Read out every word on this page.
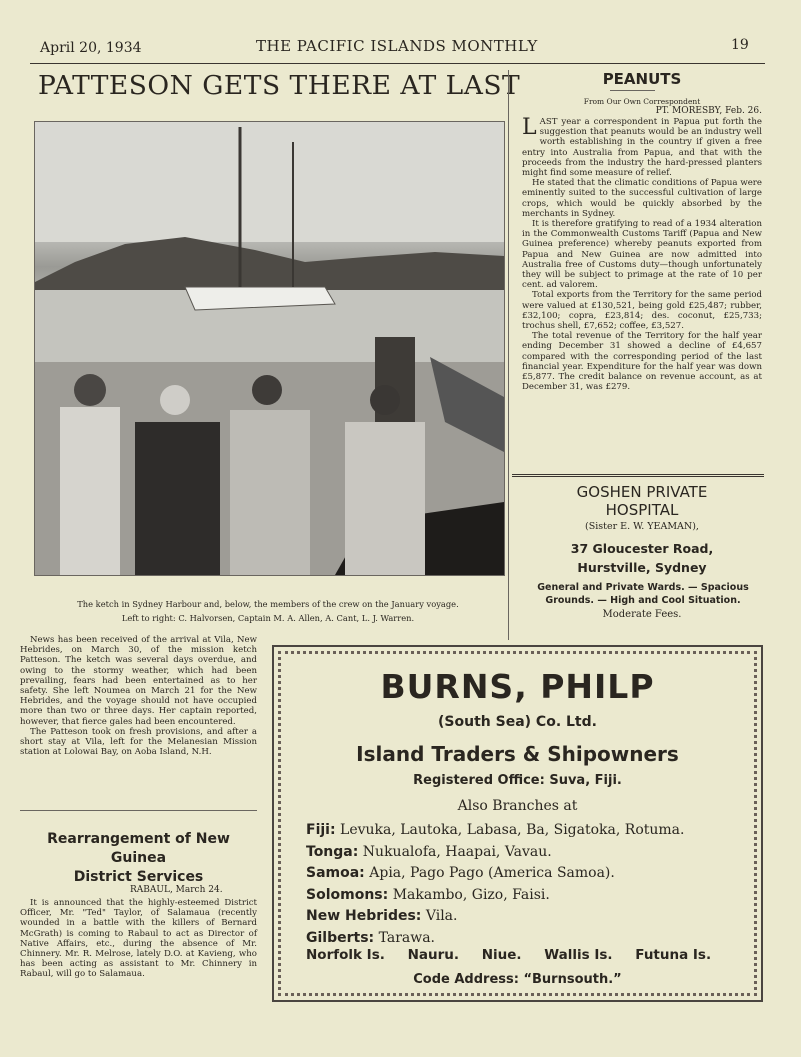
April 20, 1934	THE PACIFIC ISLANDS MONTHLY	19
PATTESON GETS THERE AT LAST
The ketch in Sydney Harbour and, below, the members of the crew on the January voyage.
Left to right: C. Halvorsen, Captain M. A. Allen, A. Cant, L. J. Warren.

News has been received of the arrival at Vila, New Hebrides, on March 30, of the mission ketch Patteson. The ketch was several days overdue, and owing to the stormy weather, which had been prevailing, fears had been entertained as to her safety. She left Noumea on March 21 for the New Hebrides, and the voyage should not have occupied more than two or three days. Her captain reported, however, that fierce gales had been encountered.

The Patteson took on fresh provisions, and after a short stay at Vila, left for the Melanesian Mission station at Lolowai Bay, on Aoba Island, N.H.

Rearrangement of New Guinea
District Services
RABAUL, March 24.

It is announced that the highly-esteemed District Officer, Mr. "Ted" Taylor, of Salamaua (recently wounded in a battle with the killers of Bernard McGrath) is coming to Rabaul to act as Director of Native Affairs, etc., during the absence of Mr. Chinnery. Mr. R. Melrose, lately D.O. at Kavieng, who has been acting as assistant to Mr. Chinnery in Rabaul, will go to Salamaua.

PEANUTS
From Our Own Correspondent
PT. MORESBY, Feb. 26.
L AST year a correspondent in Papua put forth the suggestion that peanuts would be an industry well worth establishing in the country if given a free entry into Australia from Papua, and that with the proceeds from the industry the hard-pressed planters might find some measure of relief.

He stated that the climatic conditions of Papua were eminently suited to the successful cultivation of large crops, which would be quickly absorbed by the merchants in Sydney.

It is therefore gratifying to read of a 1934 alteration in the Commonwealth Customs Tariff (Papua and New Guinea preference) whereby peanuts exported from Papua and New Guinea are now admitted into Australia free of Customs duty—though unfortunately they will be subject to primage at the rate of 10 per cent. ad valorem.

Total exports from the Territory for the same period were valued at £130,521, being gold £25,487; rubber, £32,100; copra, £23,814; des. coconut, £25,733; trochus shell, £7,652; coffee, £3,527.

The total revenue of the Territory for the half year ending December 31 showed a decline of £4,657 compared with the corresponding period of the last financial year. Expenditure for the half year was down £5,877. The credit balance on revenue account, as at December 31, was £279.

GOSHEN PRIVATE
HOSPITAL
(Sister E. W. YEAMAN),
37 Gloucester Road,
Hurstville, Sydney
General and Private Wards. — Spacious
Grounds. — High and Cool Situation.
Moderate Fees.
BURNS, PHILP
(South Sea) Co. Ltd.
Island Traders & Shipowners
Registered Office: Suva, Fiji.
Also Branches at
Fiji: Levuka, Lautoka, Labasa, Ba, Sigatoka, Rotuma.
Tonga: Nukualofa, Haapai, Vavau.
Samoa: Apia, Pago Pago (America Samoa).
Solomons: Makambo, Gizo, Faisi.
New Hebrides: Vila.
Gilberts: Tarawa.
Norfolk Is. Nauru. Niue. Wallis Is. Futuna Is.
Code Address: “Burnsouth.”
